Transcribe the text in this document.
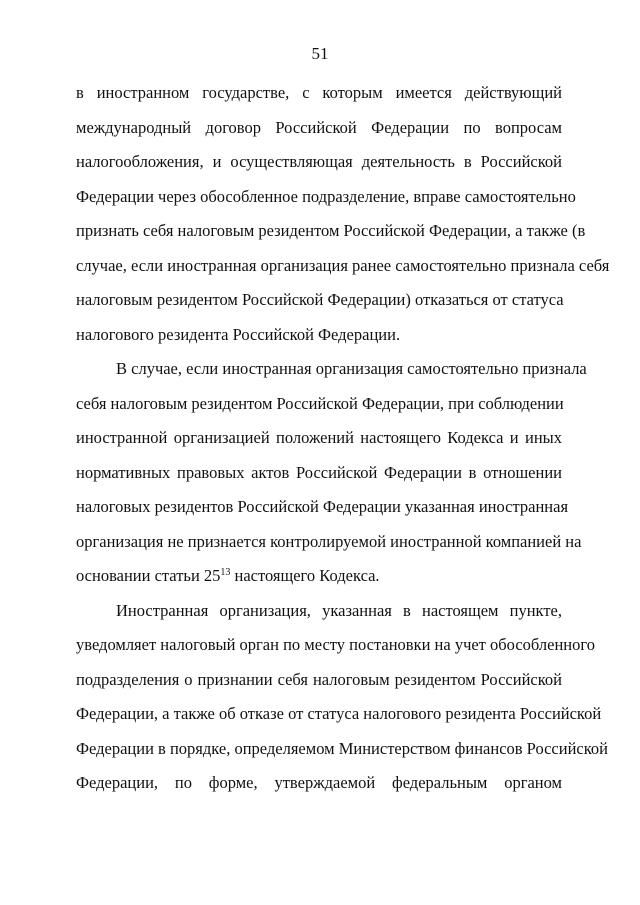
51
в иностранном государстве, с которым имеется действующий
международный договор Российской Федерации по вопросам
налогообложения, и осуществляющая деятельность в Российской
Федерации через обособленное подразделение, вправе самостоятельно
признать себя налоговым резидентом Российской Федерации, а также (в
случае, если иностранная организация ранее самостоятельно признала себя
налоговым резидентом Российской Федерации) отказаться от статуса
налогового резидента Российской Федерации.
В случае, если иностранная организация самостоятельно признала
себя налоговым резидентом Российской Федерации, при соблюдении
иностранной организацией положений настоящего Кодекса и иных
нормативных правовых актов Российской Федерации в отношении
налоговых резидентов Российской Федерации указанная иностранная
организация не признается контролируемой иностранной компанией на
основании статьи $25^{13}$ настоящего Кодекса.
Иностранная организация, указанная в настоящем пункте,
уведомляет налоговый орган по месту постановки на учет обособленного
подразделения о признании себя налоговым резидентом Российской
Федерации, а также об отказе от статуса налогового резидента Российской
Федерации в порядке, определяемом Министерством финансов Российской
Федерации, по форме, утверждаемой федеральным органом
